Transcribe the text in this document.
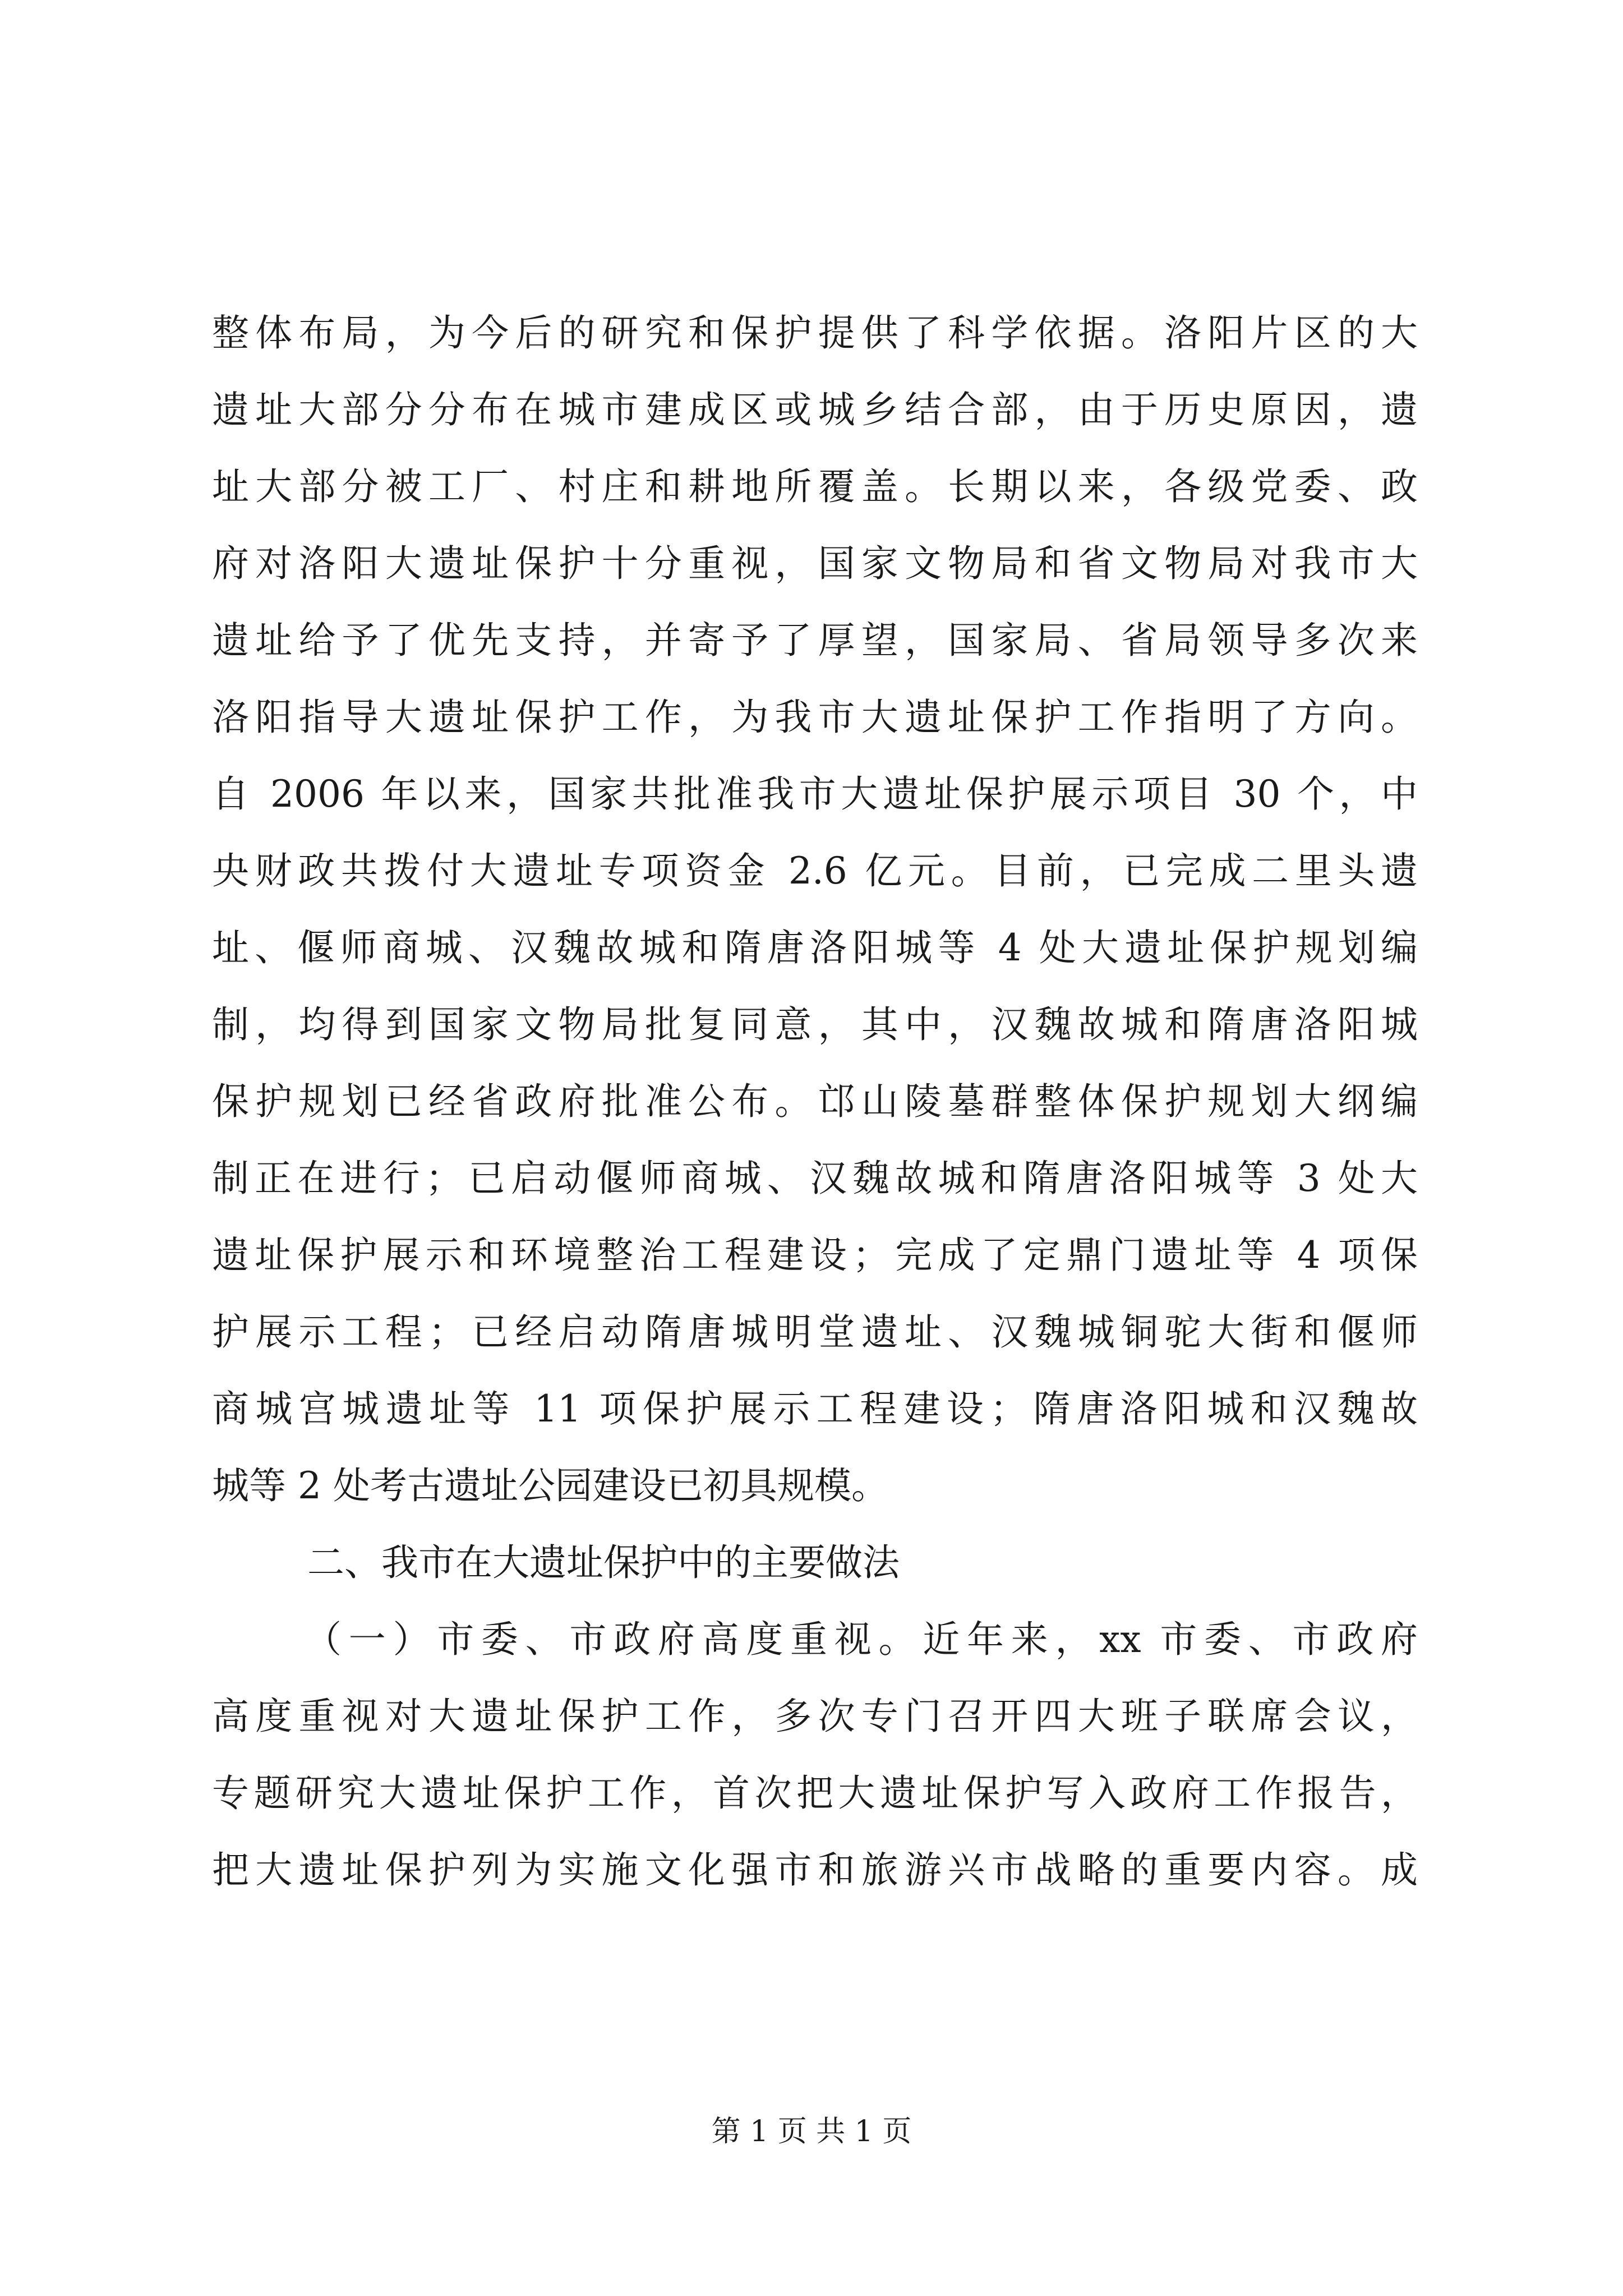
整体布局，为今后的研究和保护提供了科学依据。洛阳片区的大
遗址大部分分布在城市建成区或城乡结合部，由于历史原因，遗
址大部分被工厂、村庄和耕地所覆盖。长期以来，各级党委、政
府对洛阳大遗址保护十分重视，国家文物局和省文物局对我市大
遗址给予了优先支持，并寄予了厚望，国家局、省局领导多次来
洛阳指导大遗址保护工作，为我市大遗址保护工作指明了方向。
自 2006 年以来，国家共批准我市大遗址保护展示项目 30 个，中
央财政共拨付大遗址专项资金 2.6 亿元。目前，已完成二里头遗
址、偃师商城、汉魏故城和隋唐洛阳城等 4 处大遗址保护规划编
制，均得到国家文物局批复同意，其中，汉魏故城和隋唐洛阳城
保护规划已经省政府批准公布。邙山陵墓群整体保护规划大纲编
制正在进行；已启动偃师商城、汉魏故城和隋唐洛阳城等 3 处大
遗址保护展示和环境整治工程建设；完成了定鼎门遗址等 4 项保
护展示工程；已经启动隋唐城明堂遗址、汉魏城铜驼大街和偃师
商城宫城遗址等 11 项保护展示工程建设；隋唐洛阳城和汉魏故
城等 2 处考古遗址公园建设已初具规模。
二、我市在大遗址保护中的主要做法
（一）市委、市政府高度重视。近年来，xx 市委、市政府
高度重视对大遗址保护工作，多次专门召开四大班子联席会议，
专题研究大遗址保护工作，首次把大遗址保护写入政府工作报告，
把大遗址保护列为实施文化强市和旅游兴市战略的重要内容。成
第 1 页 共 1 页
